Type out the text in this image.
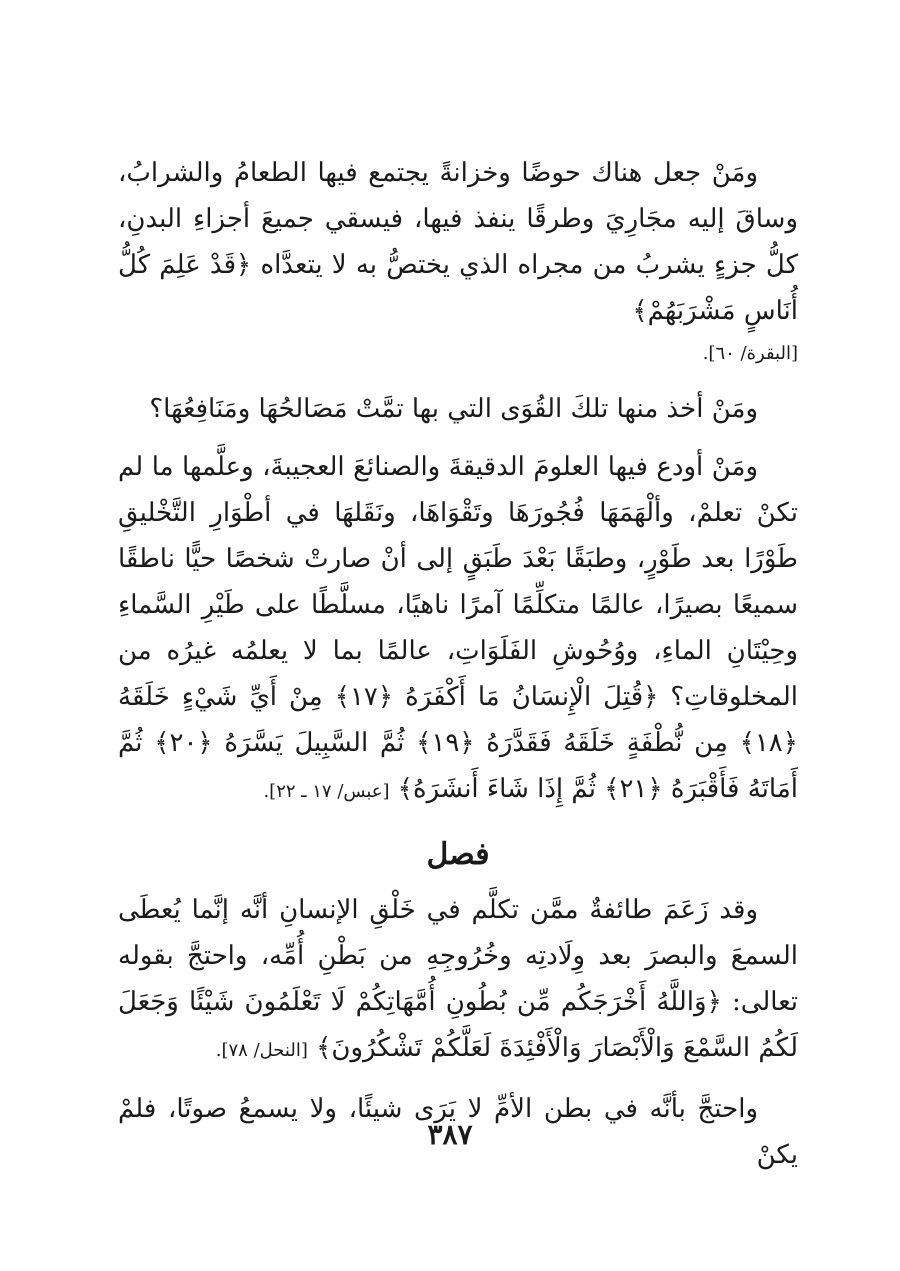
ومَنْ جعل هناك حوضًا وخزانةً يجتمع فيها الطعامُ والشرابُ، وساقَ إليه مجَارِيَ وطرقًا ينفذ فيها، فيسقي جميعَ أجزاءِ البدنِ، كلُّ جزءٍ يشربُ من مجراه الذي يختصُّ به لا يتعدَّاه ﴿قَدْ عَلِمَ كُلُّ أُنَاسٍ مَشْرَبَهُمْ﴾

[البقرة/ ٦٠].

ومَنْ أخذ منها تلكَ القُوَى التي بها تمَّتْ مَصَالحُهَا ومَنَافِعُهَا؟

ومَنْ أودع فيها العلومَ الدقيقةَ والصنائعَ العجيبةَ، وعلَّمها ما لم تكنْ تعلمْ، وألْهَمَهَا فُجُورَهَا وتَقْوَاهَا، ونَقَلهَا في أطْوَارِ التَّخْليقِ طَوْرًا بعد طَوْرٍ، وطبَقًا بَعْدَ طَبَقٍ إلى أنْ صارتْ شخصًا حيًّا ناطقًا سميعًا بصيرًا، عالمًا متكلِّمًا آمرًا ناهيًا، مسلَّطًا على طَيْرِ السَّماءِ وحِيْتَانِ الماءِ، ووُحُوشِ الفَلَوَاتِ، عالمًا بما لا يعلمُه غيرُه من المخلوقاتِ؟ ﴿قُتِلَ الْإِنسَانُ مَا أَكْفَرَهُ ﴿١٧﴾ مِنْ أَيِّ شَيْءٍ خَلَقَهُ ﴿١٨﴾ مِن نُّطْفَةٍ خَلَقَهُ فَقَدَّرَهُ ﴿١٩﴾ ثُمَّ السَّبِيلَ يَسَّرَهُ ﴿٢٠﴾ ثُمَّ أَمَاتَهُ فَأَقْبَرَهُ ﴿٢١﴾ ثُمَّ إِذَا شَاءَ أَنشَرَهُ﴾ [عبس/ ١٧ ـ ٢٢].

فصل

وقد زَعَمَ طائفةٌ ممَّن تكلَّم في خَلْقِ الإنسانِ أنَّه إنَّما يُعطَى السمعَ والبصرَ بعد وِلَادتِه وخُرُوجِهِ من بَطْنِ أُمِّه، واحتجَّ بقوله تعالى: ﴿وَاللَّهُ أَخْرَجَكُم مِّن بُطُونِ أُمَّهَاتِكُمْ لَا تَعْلَمُونَ شَيْئًا وَجَعَلَ لَكُمُ السَّمْعَ وَالْأَبْصَارَ وَالْأَفْئِدَةَ لَعَلَّكُمْ تَشْكُرُونَ﴾ [النحل/ ٧٨].

واحتجَّ بأنَّه في بطن الأمِّ لا يَرَى شيئًا، ولا يسمعُ صوتًا، فلمْ يكنْ

٣٨٧
